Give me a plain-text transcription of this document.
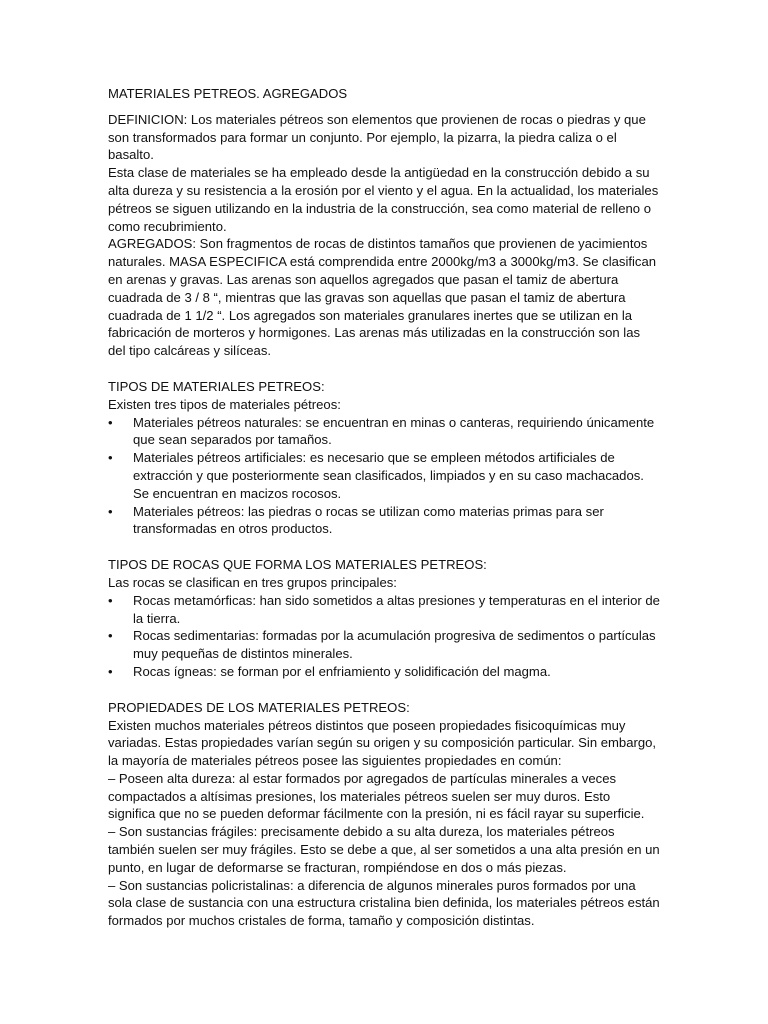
MATERIALES PETREOS. AGREGADOS

DEFINICION: Los materiales pétreos son elementos que provienen de rocas o piedras y que son transformados para formar un conjunto. Por ejemplo, la pizarra, la piedra caliza o el basalto.

Esta clase de materiales se ha empleado desde la antigüedad en la construcción debido a su alta dureza y su resistencia a la erosión por el viento y el agua. En la actualidad, los materiales pétreos se siguen utilizando en la industria de la construcción, sea como material de relleno o como recubrimiento.

AGREGADOS: Son fragmentos de rocas de distintos tamaños que provienen de yacimientos naturales. MASA ESPECIFICA está comprendida entre 2000kg/m3 a 3000kg/m3. Se clasifican en arenas y gravas. Las arenas son aquellos agregados que pasan el tamiz de abertura cuadrada de 3 / 8 “, mientras que las gravas son aquellas que pasan el tamiz de abertura cuadrada de 1 1/2 “. Los agregados son materiales granulares inertes que se utilizan en la fabricación de morteros y hormigones. Las arenas más utilizadas en la construcción son las del tipo calcáreas y silíceas.

TIPOS DE MATERIALES PETREOS:

Existen tres tipos de materiales pétreos:

• Materiales pétreos naturales: se encuentran en minas o canteras, requiriendo únicamente que sean separados por tamaños.
• Materiales pétreos artificiales: es necesario que se empleen métodos artificiales de extracción y que posteriormente sean clasificados, limpiados y en su caso machacados. Se encuentran en macizos rocosos.
• Materiales pétreos: las piedras o rocas se utilizan como materias primas para ser transformadas en otros productos.

TIPOS DE ROCAS QUE FORMA LOS MATERIALES PETREOS:

Las rocas se clasifican en tres grupos principales:

• Rocas metamórficas: han sido sometidos a altas presiones y temperaturas en el interior de la tierra.
• Rocas sedimentarias: formadas por la acumulación progresiva de sedimentos o partículas muy pequeñas de distintos minerales.
• Rocas ígneas: se forman por el enfriamiento y solidificación del magma.

PROPIEDADES DE LOS MATERIALES PETREOS:

Existen muchos materiales pétreos distintos que poseen propiedades fisicoquímicas muy variadas. Estas propiedades varían según su origen y su composición particular. Sin embargo, la mayoría de materiales pétreos posee las siguientes propiedades en común:

– Poseen alta dureza: al estar formados por agregados de partículas minerales a veces compactados a altísimas presiones, los materiales pétreos suelen ser muy duros. Esto significa que no se pueden deformar fácilmente con la presión, ni es fácil rayar su superficie.

– Son sustancias frágiles: precisamente debido a su alta dureza, los materiales pétreos también suelen ser muy frágiles. Esto se debe a que, al ser sometidos a una alta presión en un punto, en lugar de deformarse se fracturan, rompiéndose en dos o más piezas.

– Son sustancias policristalinas: a diferencia de algunos minerales puros formados por una sola clase de sustancia con una estructura cristalina bien definida, los materiales pétreos están formados por muchos cristales de forma, tamaño y composición distintas.
